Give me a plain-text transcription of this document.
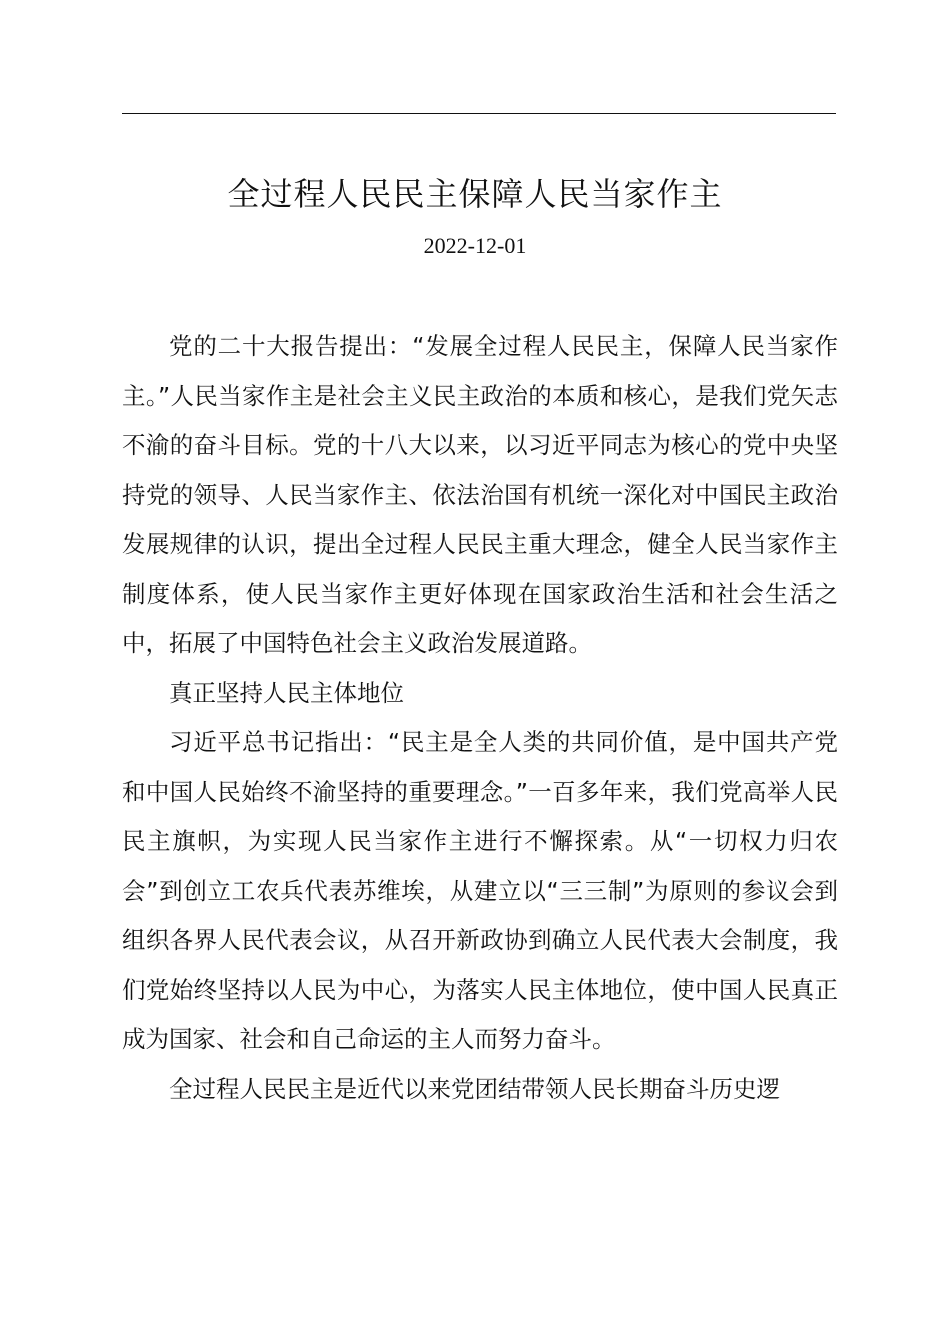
全过程人民民主保障人民当家作主
2022-12-01

党的二十大报告提出：“发展全过程人民民主，保障人民当家作主。”人民当家作主是社会主义民主政治的本质和核心，是我们党矢志不渝的奋斗目标。党的十八大以来，以习近平同志为核心的党中央坚持党的领导、人民当家作主、依法治国有机统一深化对中国民主政治发展规律的认识，提出全过程人民民主重大理念，健全人民当家作主制度体系，使人民当家作主更好体现在国家政治生活和社会生活之中，拓展了中国特色社会主义政治发展道路。

真正坚持人民主体地位

习近平总书记指出：“民主是全人类的共同价值，是中国共产党和中国人民始终不渝坚持的重要理念。”一百多年来，我们党高举人民民主旗帜，为实现人民当家作主进行不懈探索。从“一切权力归农会”到创立工农兵代表苏维埃，从建立以“三三制”为原则的参议会到组织各界人民代表会议，从召开新政协到确立人民代表大会制度，我们党始终坚持以人民为中心，为落实人民主体地位，使中国人民真正成为国家、社会和自己命运的主人而努力奋斗。

全过程人民民主是近代以来党团结带领人民长期奋斗历史逻
